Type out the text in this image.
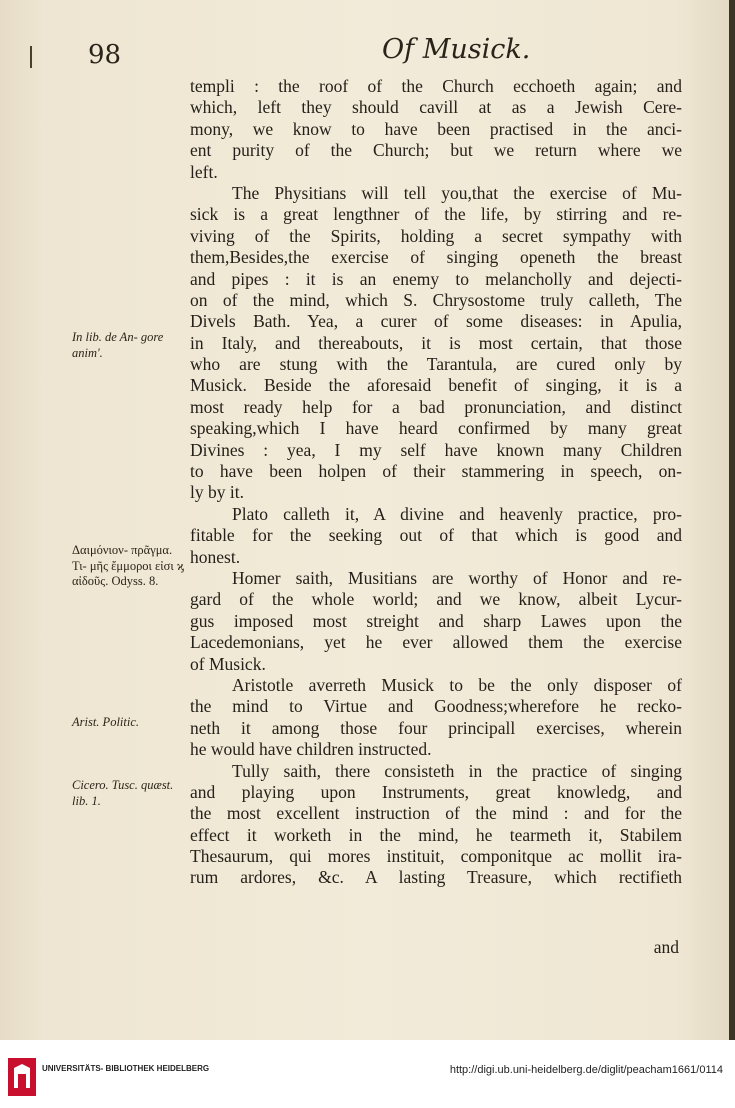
98	Of Musick.
templi : the roof of the Church ecchoeth again; and
which, left they should cavill at as a Jewish Cere-
mony, we know to have been practised in the anci-
ent purity of the Church; but we return where we
left.
The Physitians will tell you,that the exercise of Mu-
sick is a great lengthner of the life, by stirring and re-
viving of the Spirits, holding a secret sympathy with
them,Besides,the exercise of singing openeth the breast
and pipes : it is an enemy to melancholly and dejecti-
on of the mind, which S. Chrysostome truly calleth, The
Divels Bath. Yea, a curer of some diseases: in Apulia,
in Italy, and thereabouts, it is most certain, that those
who are stung with the Tarantula, are cured only by
Musick. Beside the aforesaid benefit of singing, it is a
most ready help for a bad pronunciation, and distinct
speaking,which I have heard confirmed by many great
Divines : yea, I my self have known many Children
to have been holpen of their stammering in speech, on-
ly by it.
Plato calleth it, A divine and heavenly practice, pro-
fitable for the seeking out of that which is good and
honest.
Homer saith, Musitians are worthy of Honor and re-
gard of the whole world; and we know, albeit Lycur-
gus imposed most streight and sharp Lawes upon the
Lacedemonians, yet he ever allowed them the exercise
of Musick.
Aristotle averreth Musick to be the only disposer of
the mind to Virtue and Goodness;wherefore he recko-
neth it among those four principall exercises, wherein
he would have children instructed.
Tully saith, there consisteth in the practice of singing
and playing upon Instruments, great knowledg, and
the most excellent instruction of the mind : and for the
effect it worketh in the mind, he tearmeth it, Stabilem
Thesaurum, qui mores instituit, componitque ac mollit ira-
rum ardores, &c. A lasting Treasure, which rectifieth
and
In lib. de An- gore anim'.
Δαιμόνιον- πρᾶγμα. Τι- μῆς ἔμμοροι εἰσι ϗ αἰδοῦς. Odyss. 8.
Arist. Politic.
Cicero. Tusc. quæst. lib. 1.
UNIVERSITÄTS- BIBLIOTHEK HEIDELBERG	http://digi.ub.uni-heidelberg.de/diglit/peacham1661/0114
